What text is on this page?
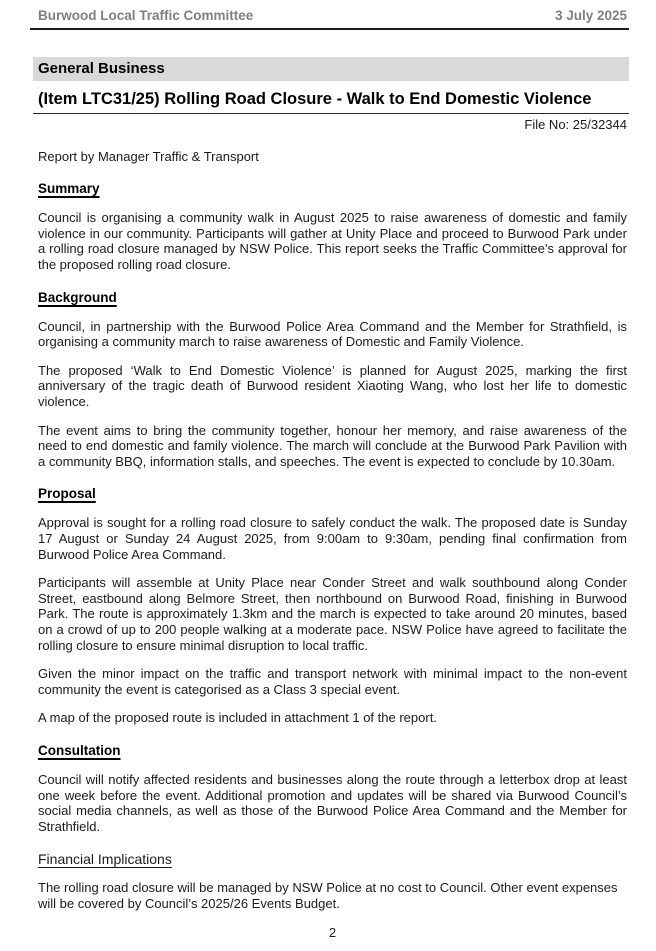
Burwood Local Traffic Committee	3 July 2025
General Business
(Item LTC31/25) Rolling Road Closure - Walk to End Domestic Violence
File No: 25/32344

Report by Manager Traffic & Transport

Summary

Council is organising a community walk in August 2025 to raise awareness of domestic and family violence in our community. Participants will gather at Unity Place and proceed to Burwood Park under a rolling road closure managed by NSW Police. This report seeks the Traffic Committee’s approval for the proposed rolling road closure.

Background

Council, in partnership with the Burwood Police Area Command and the Member for Strathfield, is organising a community march to raise awareness of Domestic and Family Violence.

The proposed ‘Walk to End Domestic Violence’ is planned for August 2025, marking the first anniversary of the tragic death of Burwood resident Xiaoting Wang, who lost her life to domestic violence.

The event aims to bring the community together, honour her memory, and raise awareness of the need to end domestic and family violence. The march will conclude at the Burwood Park Pavilion with a community BBQ, information stalls, and speeches. The event is expected to conclude by 10.30am.

Proposal

Approval is sought for a rolling road closure to safely conduct the walk. The proposed date is Sunday 17 August or Sunday 24 August 2025, from 9:00am to 9:30am, pending final confirmation from Burwood Police Area Command.

Participants will assemble at Unity Place near Conder Street and walk southbound along Conder Street, eastbound along Belmore Street, then northbound on Burwood Road, finishing in Burwood Park. The route is approximately 1.3km and the march is expected to take around 20 minutes, based on a crowd of up to 200 people walking at a moderate pace. NSW Police have agreed to facilitate the rolling closure to ensure minimal disruption to local traffic.

Given the minor impact on the traffic and transport network with minimal impact to the non-event community the event is categorised as a Class 3 special event.

A map of the proposed route is included in attachment 1 of the report.

Consultation

Council will notify affected residents and businesses along the route through a letterbox drop at least one week before the event. Additional promotion and updates will be shared via Burwood Council’s social media channels, as well as those of the Burwood Police Area Command and the Member for Strathfield.

Financial Implications

The rolling road closure will be managed by NSW Police at no cost to Council. Other event expenses will be covered by Council’s 2025/26 Events Budget.

2
